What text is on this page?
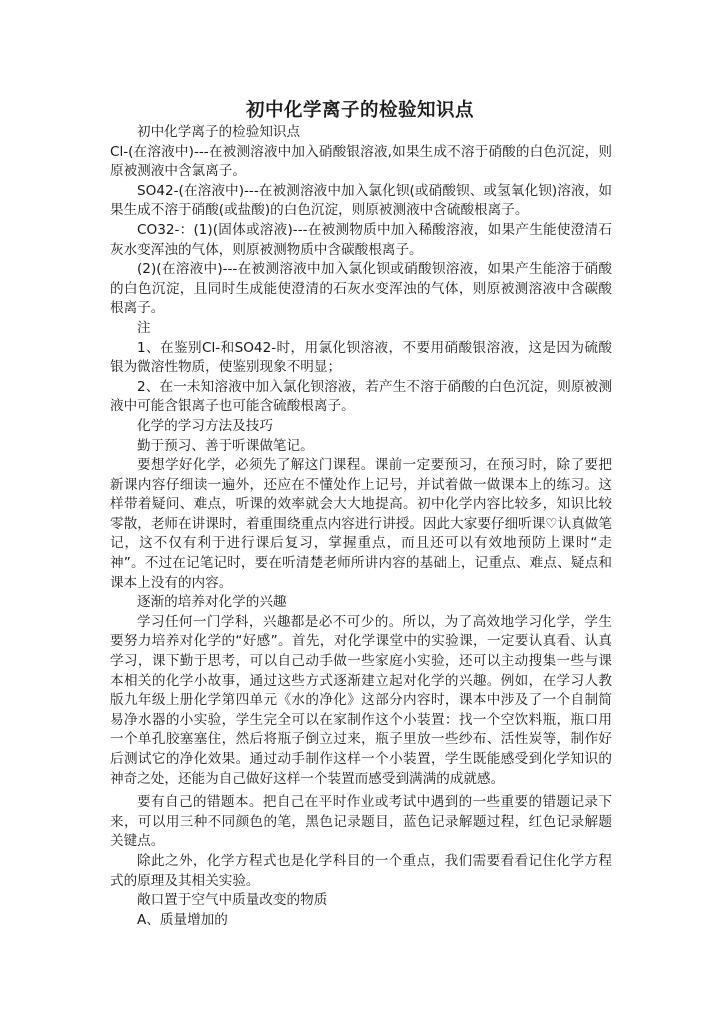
初中化学离子的检验知识点

初中化学离子的检验知识点

Cl-(在溶液中)---在被测溶液中加入硝酸银溶液,如果生成不溶于硝酸的白色沉淀，则原被测液中含氯离子。

SO42-(在溶液中)---在被测溶液中加入氯化钡(或硝酸钡、或氢氧化钡)溶液，如果生成不溶于硝酸(或盐酸)的白色沉淀，则原被测液中含硫酸根离子。

CO32-：(1)(固体或溶液)---在被测物质中加入稀酸溶液，如果产生能使澄清石灰水变浑浊的气体，则原被测物质中含碳酸根离子。

(2)(在溶液中)---在被测溶液中加入氯化钡或硝酸钡溶液，如果产生能溶于硝酸的白色沉淀，且同时生成能使澄清的石灰水变浑浊的气体，则原被测溶液中含碳酸根离子。

注

1、在鉴别Cl-和SO42-时，用氯化钡溶液，不要用硝酸银溶液，这是因为硫酸银为微溶性物质，使鉴别现象不明显；

2、在一未知溶液中加入氯化钡溶液，若产生不溶于硝酸的白色沉淀，则原被测液中可能含银离子也可能含硫酸根离子。

化学的学习方法及技巧

勤于预习、善于听课做笔记。

要想学好化学，必须先了解这门课程。课前一定要预习，在预习时，除了要把新课内容仔细读一遍外，还应在不懂处作上记号，并试着做一做课本上的练习。这样带着疑问、难点，听课的效率就会大大地提高。初中化学内容比较多，知识比较零散，老师在讲课时，着重围绕重点内容进行讲授。因此大家要仔细听课♡认真做笔记，这不仅有利于进行课后复习，掌握重点，而且还可以有效地预防上课时“走神”。不过在记笔记时，要在听清楚老师所讲内容的基础上，记重点、难点、疑点和课本上没有的内容。

逐渐的培养对化学的兴趣

学习任何一门学科，兴趣都是必不可少的。所以，为了高效地学习化学，学生要努力培养对化学的“好感”。首先，对化学课堂中的实验课，一定要认真看、认真学习，课下勤于思考，可以自己动手做一些家庭小实验，还可以主动搜集一些与课本相关的化学小故事，通过这些方式逐渐建立起对化学的兴趣。例如，在学习人教版九年级上册化学第四单元《水的净化》这部分内容时，课本中涉及了一个自制简易净水器的小实验，学生完全可以在家制作这个小装置：找一个空饮料瓶，瓶口用一个单孔胶塞塞住，然后将瓶子倒立过来，瓶子里放一些纱布、活性炭等，制作好后测试它的净化效果。通过动手制作这样一个小装置，学生既能感受到化学知识的神奇之处，还能为自己做好这样一个装置而感受到满满的成就感。

要有自己的错题本。把自己在平时作业或考试中遇到的一些重要的错题记录下来，可以用三种不同颜色的笔，黑色记录题目，蓝色记录解题过程，红色记录解题关键点。

除此之外，化学方程式也是化学科目的一个重点，我们需要看看记住化学方程式的原理及其相关实验。

敞口置于空气中质量改变的物质

A、质量增加的
